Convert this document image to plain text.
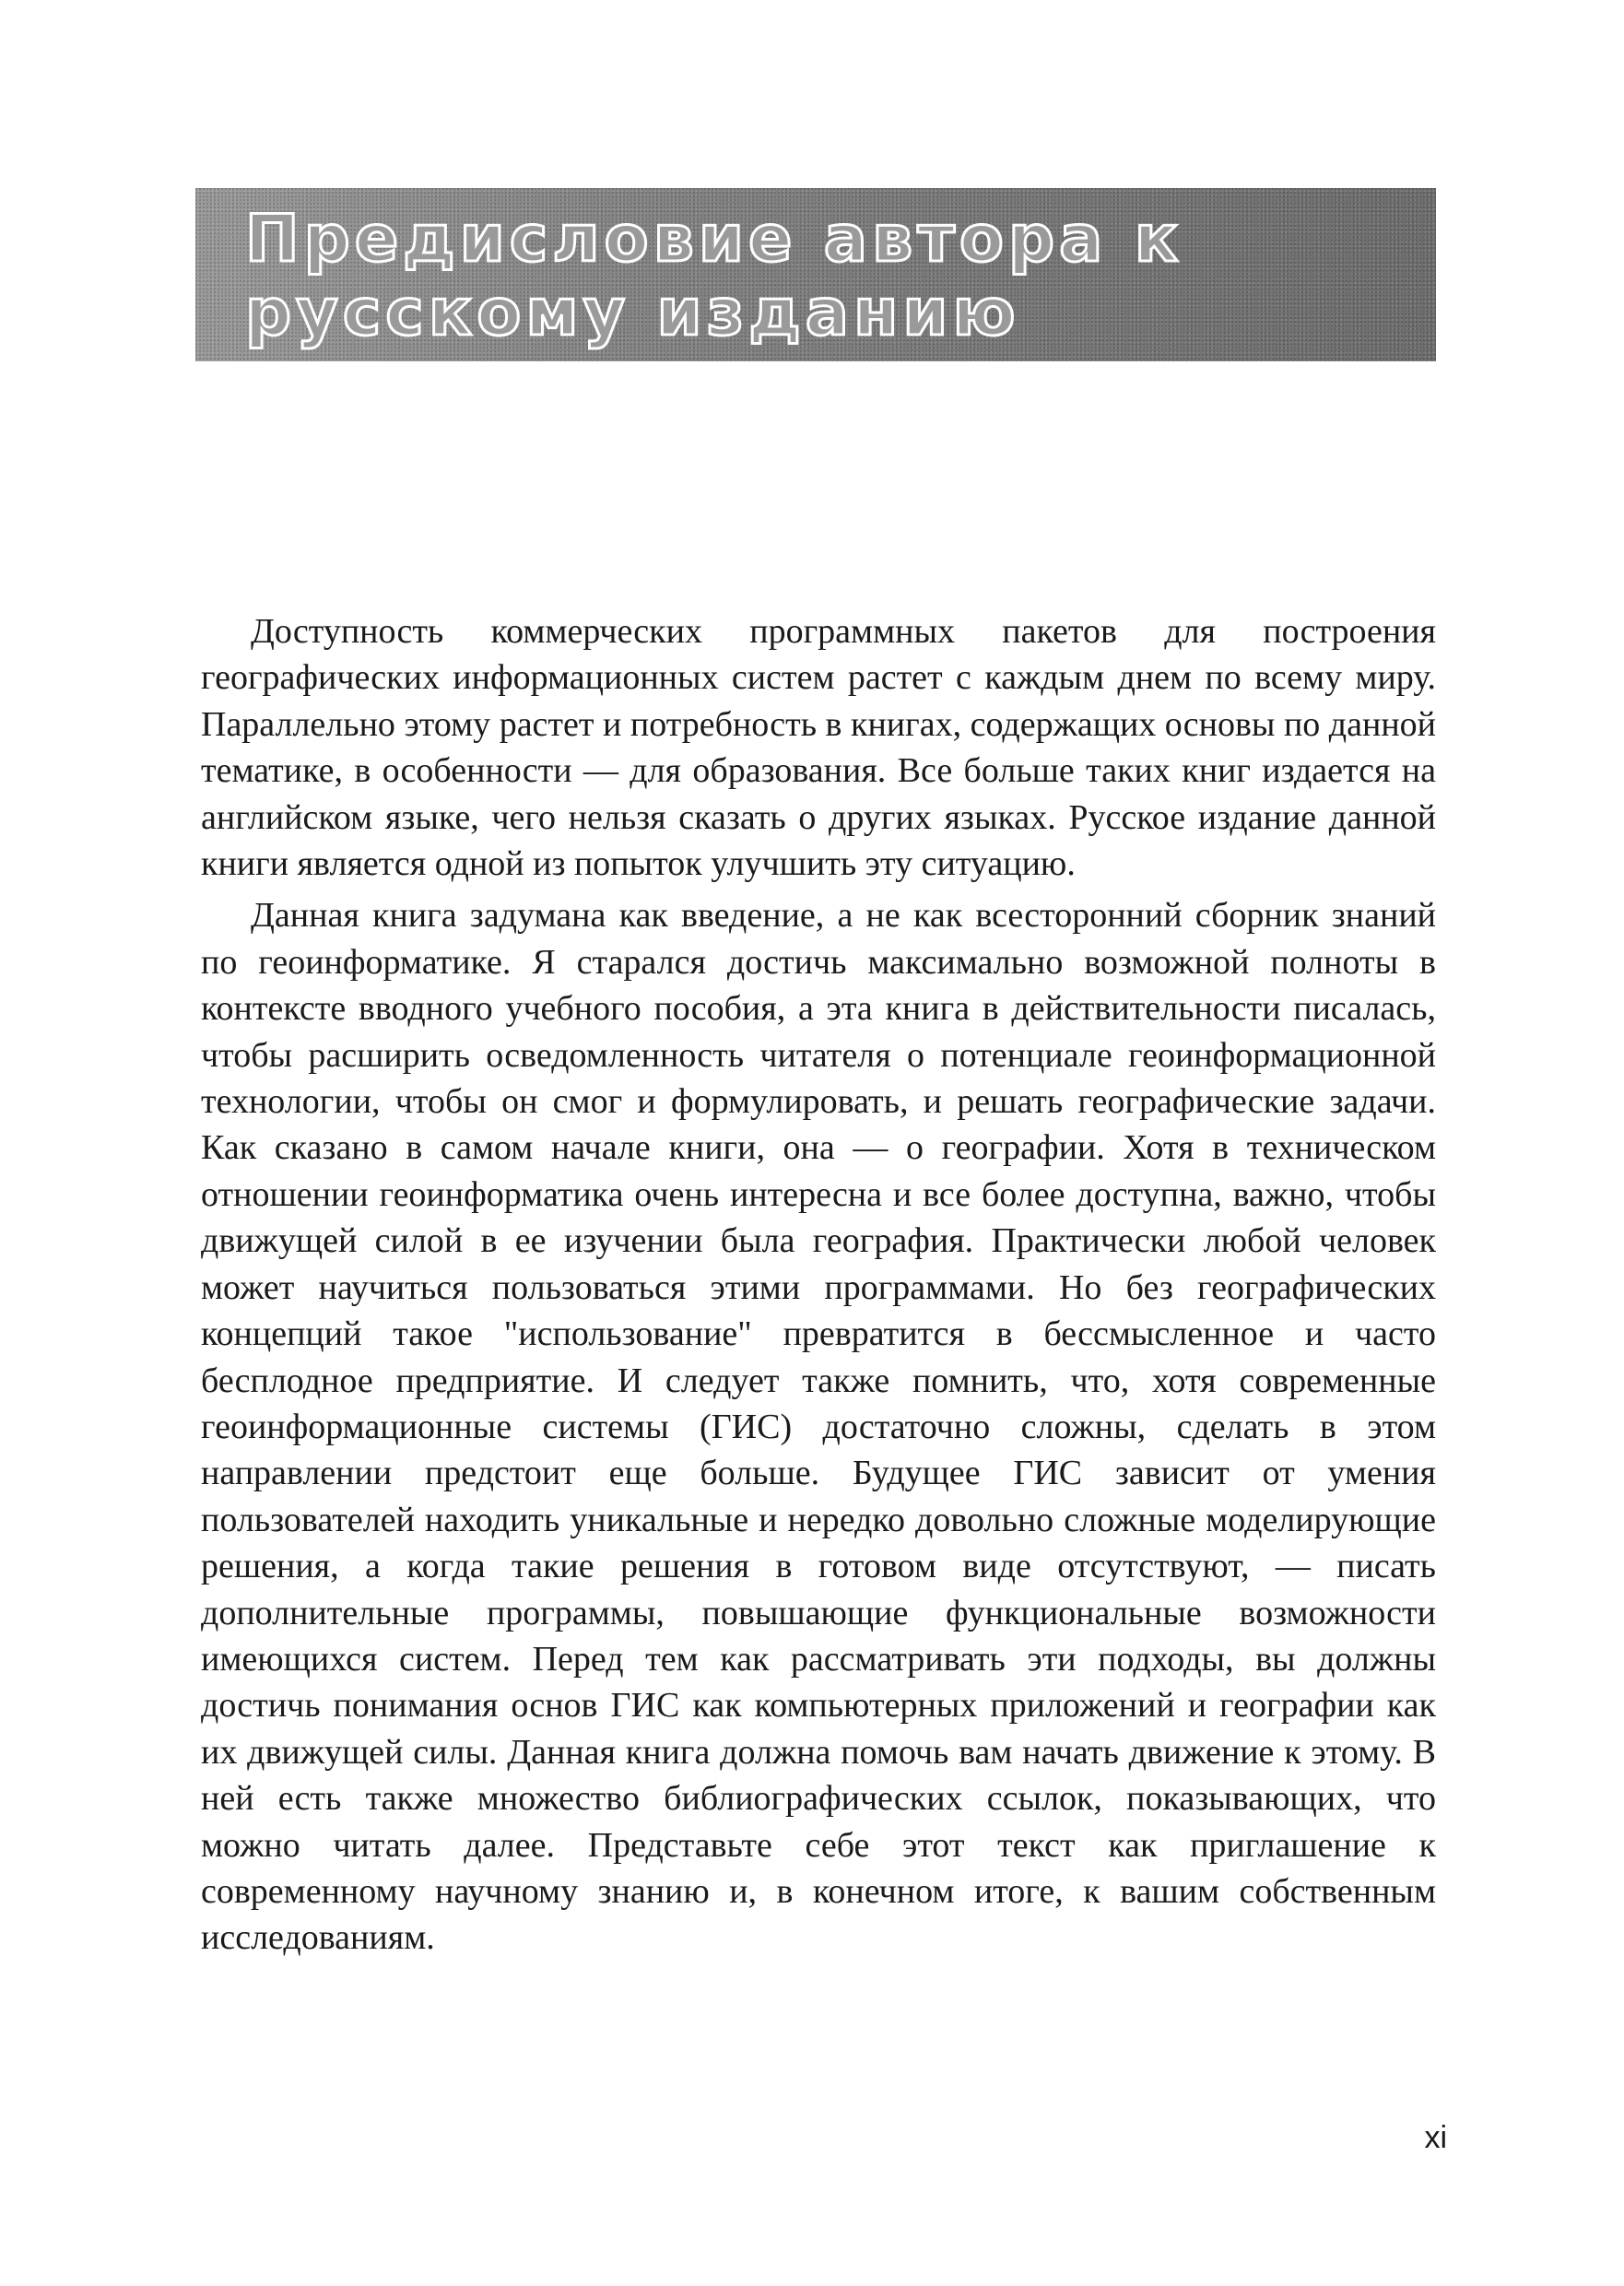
Предисловие автора к
русскому изданию

Доступность коммерческих программных пакетов для построения географических информационных систем растет с каждым днем по всему миру. Параллельно этому растет и потребность в книгах, содержащих основы по данной тематике, в особенности — для образования. Все больше таких книг издается на английском языке, чего нельзя сказать о других языках. Русское издание данной книги является одной из попыток улучшить эту ситуацию.

Данная книга задумана как введение, а не как всесторонний сборник знаний по геоинформатике. Я старался достичь максимально возможной полноты в контексте вводного учебного пособия, а эта книга в действительности писалась, чтобы расширить осведомленность читателя о потенциале геоинформационной технологии, чтобы он смог и формулировать, и решать географические задачи. Как сказано в самом начале книги, она — о географии. Хотя в техническом отношении геоинформатика очень интересна и все более доступна, важно, чтобы движущей силой в ее изучении была география. Практически любой человек может научиться пользоваться этими программами. Но без географических концепций такое "использование" превратится в бессмысленное и часто бесплодное предприятие. И следует также помнить, что, хотя современные геоинформационные системы (ГИС) достаточно сложны, сделать в этом направлении предстоит еще больше. Будущее ГИС зависит от умения пользователей находить уникальные и нередко довольно сложные моделирующие решения, а когда такие решения в готовом виде отсутствуют, — писать дополнительные программы, повышающие функциональные возможности имеющихся систем. Перед тем как рассматривать эти подходы, вы должны достичь понимания основ ГИС как компьютерных приложений и географии как их движущей силы. Данная книга должна помочь вам начать движение к этому. В ней есть также множество библиографических ссылок, показывающих, что можно читать далее. Представьте себе этот текст как приглашение к современному научному знанию и, в конечном итоге, к вашим собственным исследованиям.

xi
